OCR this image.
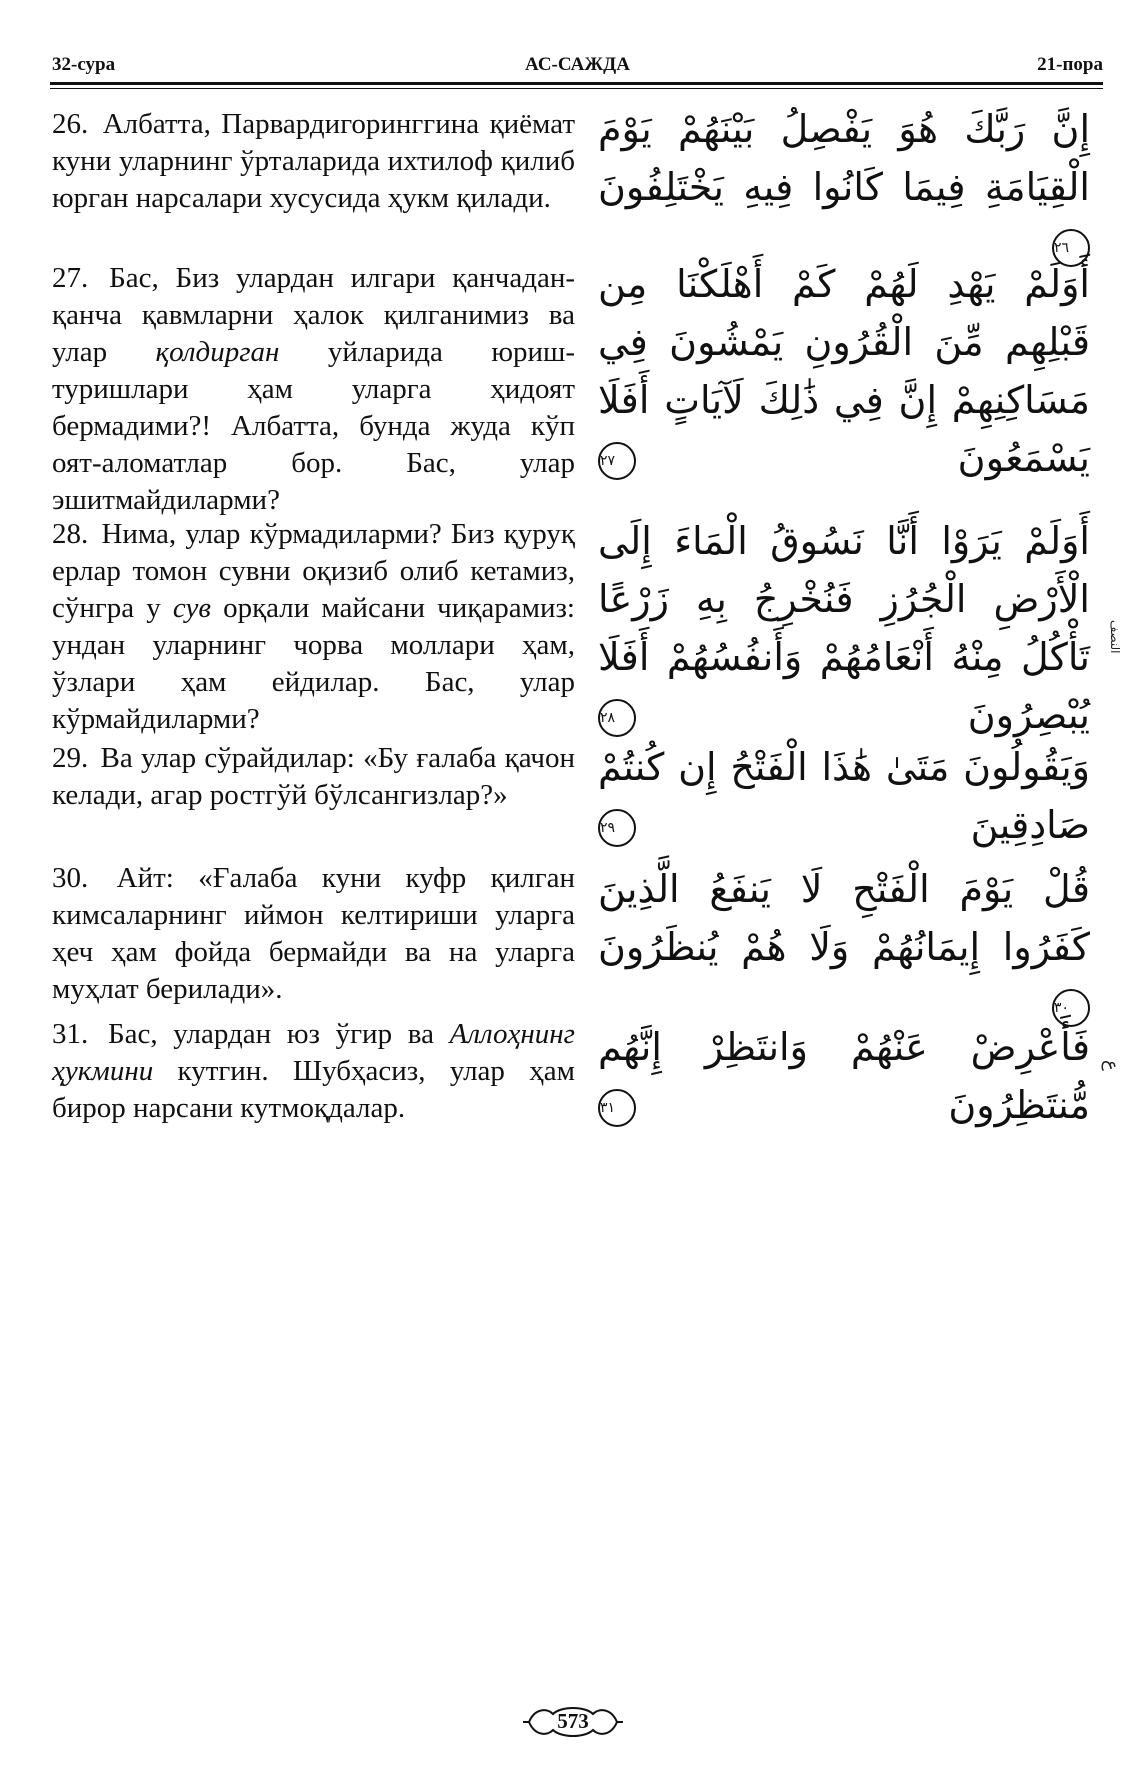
32-сура	АС-САЖДА	21-пора
26. Албатта, Парвардигоринггина қиёмат куни уларнинг ўрталарида ихтилоф қилиб юрган нарсалари хусусида ҳукм қилади.
إِنَّ رَبَّكَ هُوَ يَفْصِلُ بَيْنَهُمْ يَوْمَ الْقِيَامَةِ فِيمَا كَانُوا فِيهِ يَخْتَلِفُونَ ٢٦
27. Бас, Биз улардан илгари қанчадан-қанча қавмларни ҳалок қилганимиз ва улар қолдирган уйларида юриш-туришлари ҳам уларга ҳидоят бермадими?! Албатта, бунда жуда кўп оят-аломатлар бор. Бас, улар эшитмайдиларми?
أَوَلَمْ يَهْدِ لَهُمْ كَمْ أَهْلَكْنَا مِن قَبْلِهِم مِّنَ الْقُرُونِ يَمْشُونَ فِي مَسَاكِنِهِمْ إِنَّ فِي ذَٰلِكَ لَآيَاتٍ أَفَلَا يَسْمَعُونَ ٢٧
28. Нима, улар кўрмадиларми? Биз қуруқ ерлар томон сувни оқизиб олиб кетамиз, сўнгра у сув орқали майсани чиқарамиз: ундан уларнинг чорва моллари ҳам, ўзлари ҳам ейдилар. Бас, улар кўрмайдиларми?
أَوَلَمْ يَرَوْا أَنَّا نَسُوقُ الْمَاءَ إِلَى الْأَرْضِ الْجُرُزِ فَنُخْرِجُ بِهِ زَرْعًا تَأْكُلُ مِنْهُ أَنْعَامُهُمْ وَأَنفُسُهُمْ أَفَلَا يُبْصِرُونَ ٢٨
النصف
29. Ва улар сўрайдилар: «Бу ғалаба қачон келади, агар ростгўй бўлсангизлар?»
وَيَقُولُونَ مَتَىٰ هَٰذَا الْفَتْحُ إِن كُنتُمْ صَادِقِينَ ٢٩
30. Айт: «Ғалаба куни куфр қилган кимсаларнинг иймон келтириши уларга ҳеч ҳам фойда бермайди ва на уларга муҳлат берилади».
قُلْ يَوْمَ الْفَتْحِ لَا يَنفَعُ الَّذِينَ كَفَرُوا إِيمَانُهُمْ وَلَا هُمْ يُنظَرُونَ ٣٠
31. Бас, улардан юз ўгир ва Аллоҳнинг ҳукмини кутгин. Шубҳасиз, улар ҳам бирор нарсани кутмоқдалар.
فَأَعْرِضْ عَنْهُمْ وَانتَظِرْ إِنَّهُم مُّنتَظِرُونَ ٣١
ع
573
